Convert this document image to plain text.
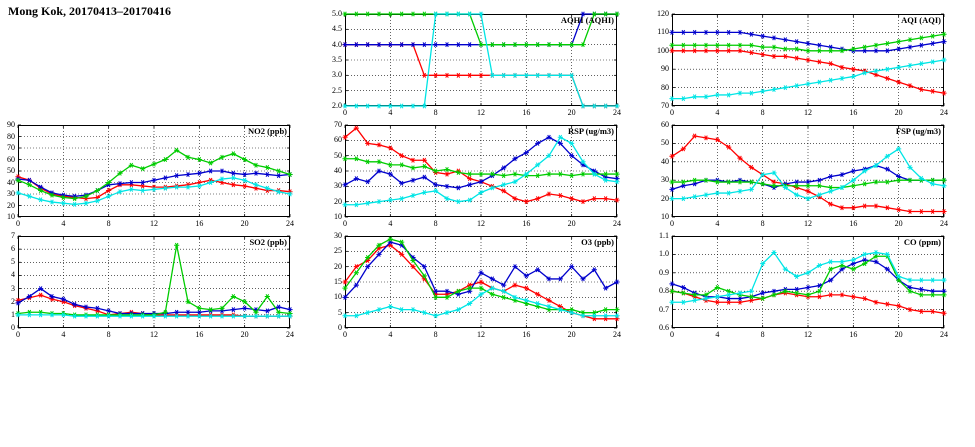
Mong Kok, 20170413–20170416
AQHI (AQHI)
0	4	8	12	16	20	24
2.0
2.5
3.0
3.5
4.0
4.5
5.0
AQI (AQI)
0	4	8	12	16	20	24
70
80
90
100
110
120
NO2 (ppb)
0	4	8	12	16	20	24
10
20
30
40
50
60
70
80
90
RSP (ug/m3)
0	4	8	12	16	20	24
10
20
30
40
50
60
70
FSP (ug/m3)
0	4	8	12	16	20	24
10
20
30
40
50
60
SO2 (ppb)
0	4	8	12	16	20	24
0
1
2
3
4
5
6
7
O3 (ppb)
0	4	8	12	16	20	24
0
5
10
15
20
25
30
CO (ppm)
0	4	8	12	16	20	24
0.6
0.7
0.8
0.9
1.0
1.1
